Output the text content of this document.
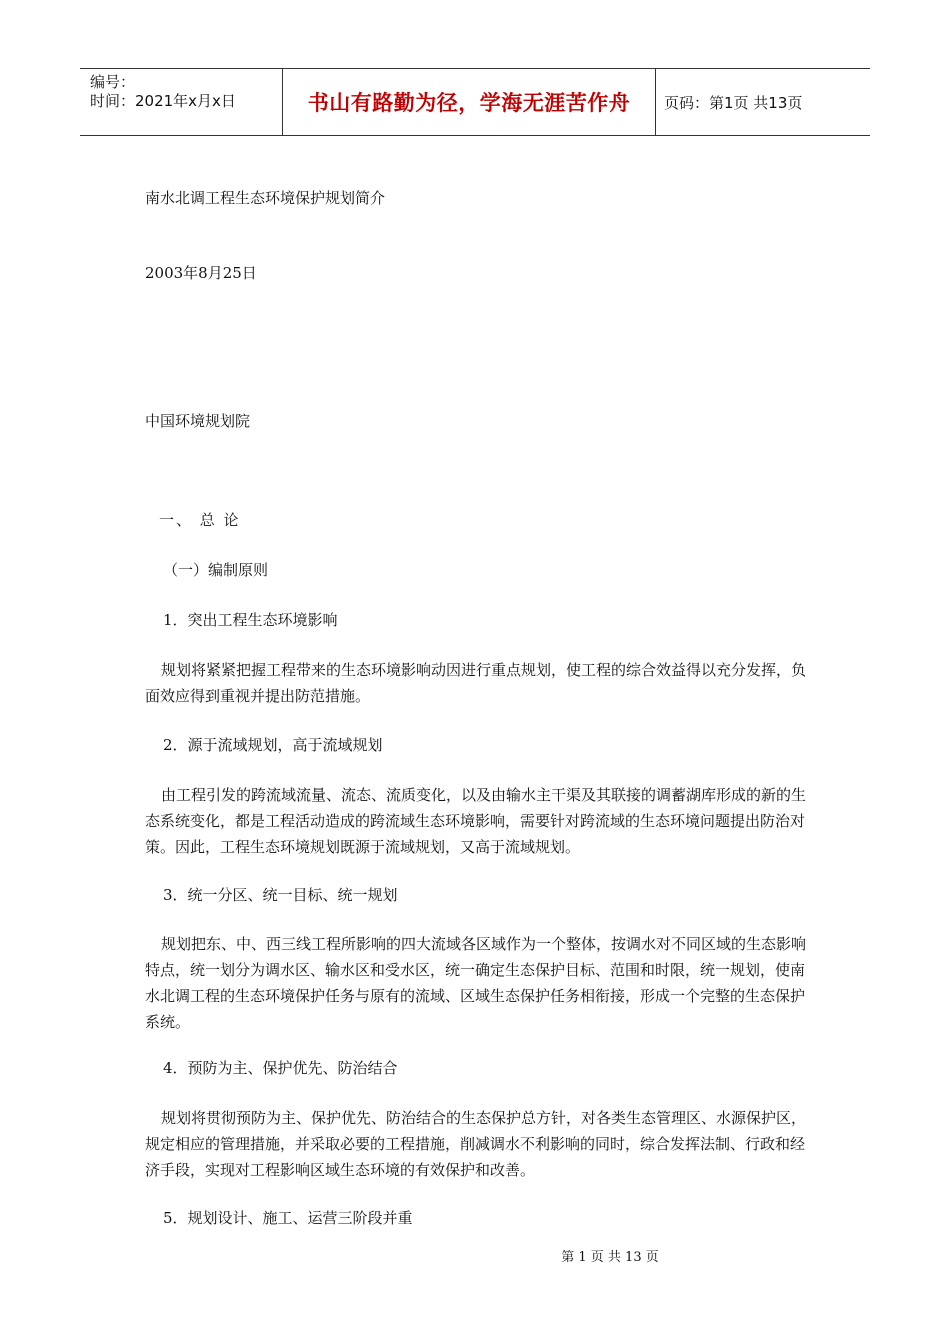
编号：
时间：2021年x月x日	书山有路勤为径，学海无涯苦作舟	页码：第1页 共13页

南水北调工程生态环境保护规划简介

2003年8月25日

中国环境规划院

一、 总 论

（一）编制原则

1．突出工程生态环境影响

规划将紧紧把握工程带来的生态环境影响动因进行重点规划，使工程的综合效益得以充分发挥，负面效应得到重视并提出防范措施。

2．源于流域规划，高于流域规划

由工程引发的跨流域流量、流态、流质变化，以及由输水主干渠及其联接的调蓄湖库形成的新的生态系统变化，都是工程活动造成的跨流域生态环境影响，需要针对跨流域的生态环境问题提出防治对策。因此，工程生态环境规划既源于流域规划，又高于流域规划。

3．统一分区、统一目标、统一规划

规划把东、中、西三线工程所影响的四大流域各区域作为一个整体，按调水对不同区域的生态影响特点，统一划分为调水区、输水区和受水区，统一确定生态保护目标、范围和时限，统一规划，使南水北调工程的生态环境保护任务与原有的流域、区域生态保护任务相衔接，形成一个完整的生态保护系统。

4．预防为主、保护优先、防治结合

规划将贯彻预防为主、保护优先、防治结合的生态保护总方针，对各类生态管理区、水源保护区，规定相应的管理措施，并采取必要的工程措施，削减调水不利影响的同时，综合发挥法制、行政和经济手段，实现对工程影响区域生态环境的有效保护和改善。

5．规划设计、施工、运营三阶段并重

第 1 页 共 13 页
